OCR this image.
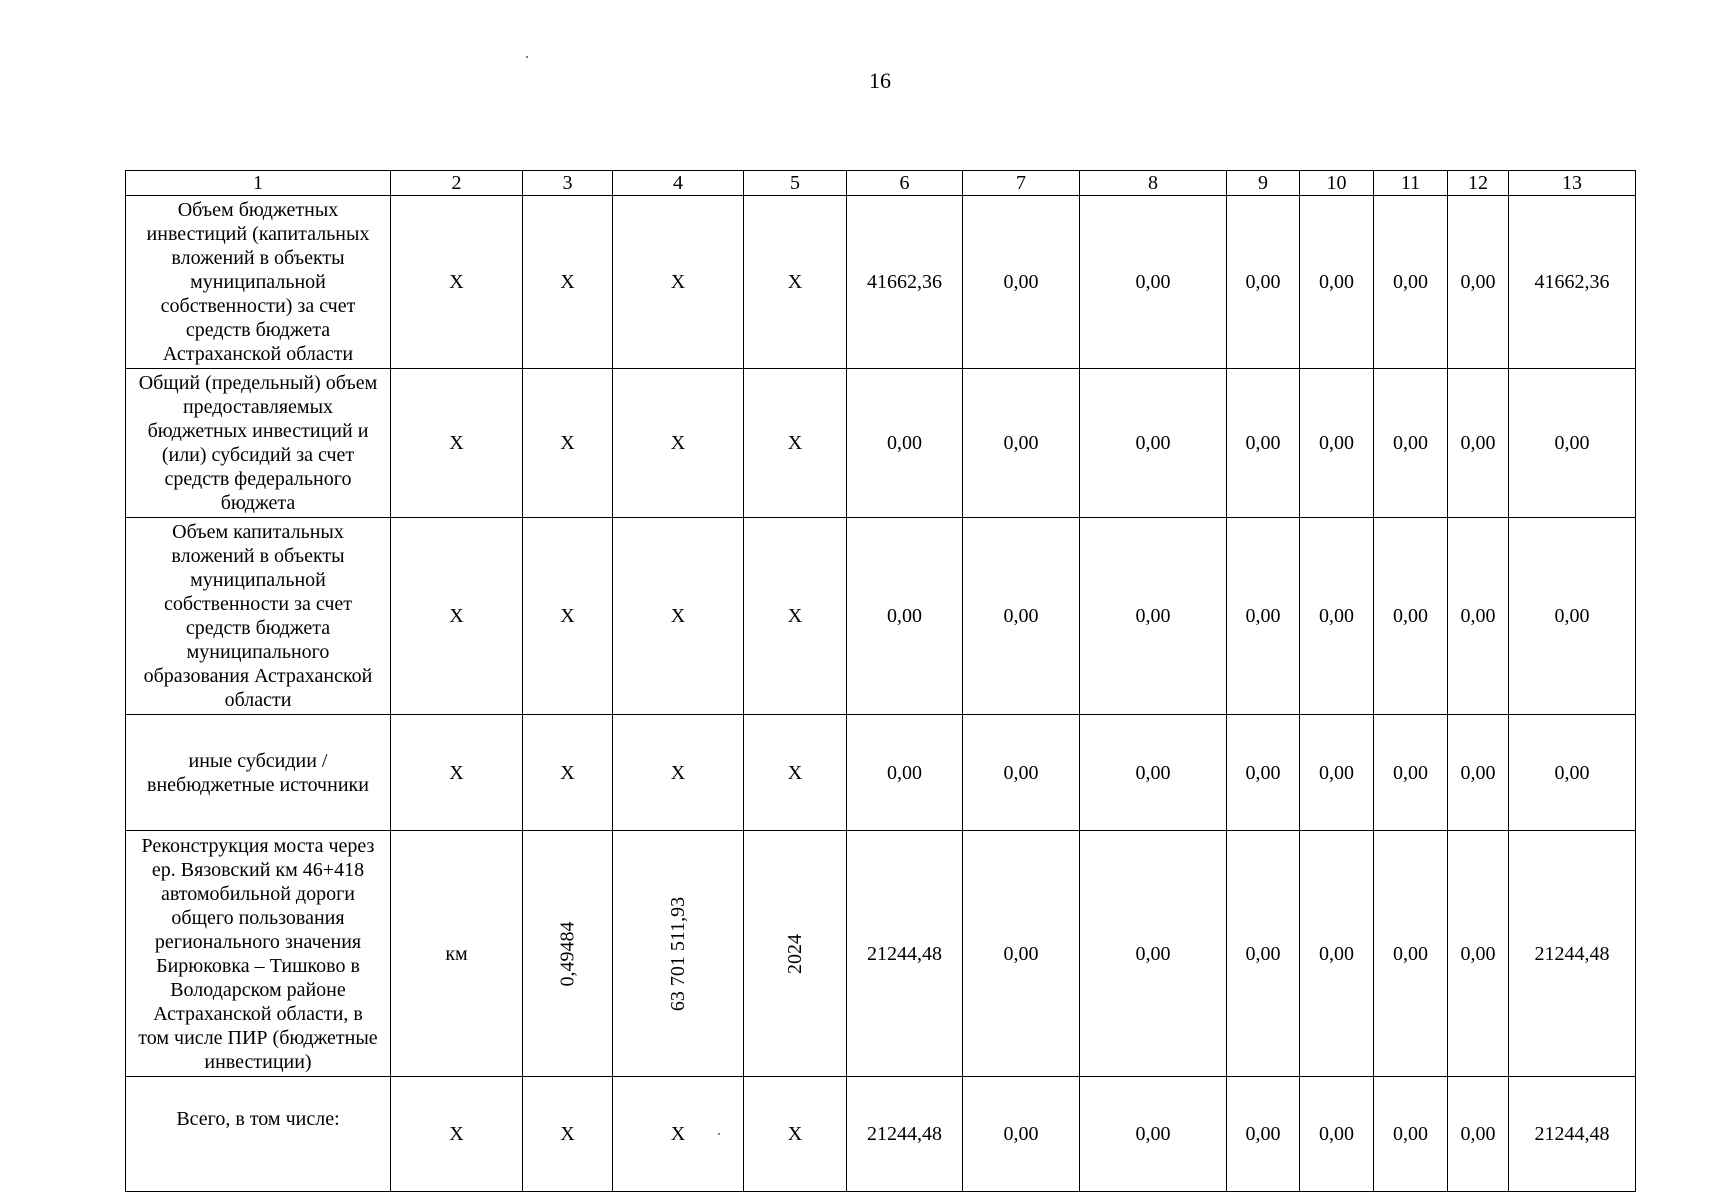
16
1	2	3	4	5	6	7	8	9	10	11	12	13
Объем бюджетных инвестиций (капитальных вложений в объекты муниципальной собственности) за счет средств бюджета Астраханской области	Х	Х	Х	Х	41662,36	0,00	0,00	0,00	0,00	0,00	0,00	41662,36
Общий (предельный) объем предоставляемых бюджетных инвестиций и (или) субсидий за счет средств федерального бюджета	Х	Х	Х	Х	0,00	0,00	0,00	0,00	0,00	0,00	0,00	0,00
Объем капитальных вложений в объекты муниципальной собственности за счет средств бюджета муниципального образования Астраханской области	Х	Х	Х	Х	0,00	0,00	0,00	0,00	0,00	0,00	0,00	0,00
иные субсидии / внебюджетные источники	Х	Х	Х	Х	0,00	0,00	0,00	0,00	0,00	0,00	0,00	0,00
Реконструкция моста через ер. Вязовский км 46+418 автомобильной дороги общего пользования регионального значения Бирюковка – Тишково в Володарском районе Астраханской области, в том числе ПИР (бюджетные инвестиции)	км	0,49484	63 701 511,93	2024	21244,48	0,00	0,00	0,00	0,00	0,00	0,00	21244,48
Всего, в том числе:	Х	Х	Х	Х	21244,48	0,00	0,00	0,00	0,00	0,00	0,00	21244,48
